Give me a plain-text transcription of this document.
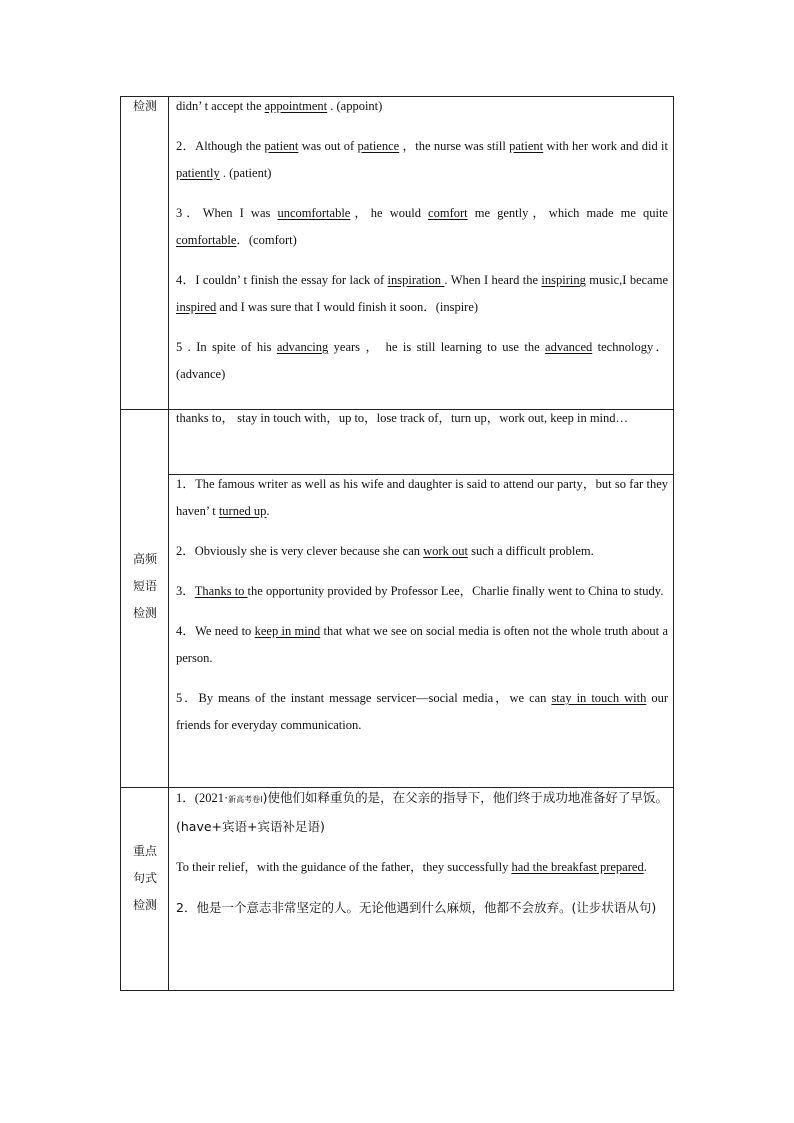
检测	didn’ t accept the appointment . (appoint)

2．Although the patient was out of patience ，the nurse was still patient with her work and did it patiently . (patient)

3．When I was uncomfortable，he would comfort me gently，which made me quite comfortable．(comfort)

4．I couldn’ t finish the essay for lack of inspiration . When I heard the inspiring music,I became inspired and I was sure that I would finish it soon．(inspire)

5 . In spite of his advancing years ， he is still learning to use the advanced technology．(advance)

高频
短语
检测

thanks to， stay in touch with，up to，lose track of，turn up，work out, keep in mind…

1．The famous writer as well as his wife and daughter is said to attend our party，but so far they haven’ t turned up.

2．Obviously she is very clever because she can work out such a difficult problem.

3．Thanks to the opportunity provided by Professor Lee，Charlie finally went to China to study.

4．We need to keep in mind that what we see on social media is often not the whole truth about a person.

5．By means of the instant message servicer—social media，we can stay in touch with our friends for everyday communication.

重点
句式
检测

1．(2021·新高考卷Ⅰ)使他们如释重负的是，在父亲的指导下，他们终于成功地准备好了早饭。(have+宾语+宾语补足语)

To their relief，with the guidance of the father，they successfully had the breakfast prepared.

2．他是一个意志非常坚定的人。无论他遇到什么麻烦，他都不会放弃。(让步状语从句)
